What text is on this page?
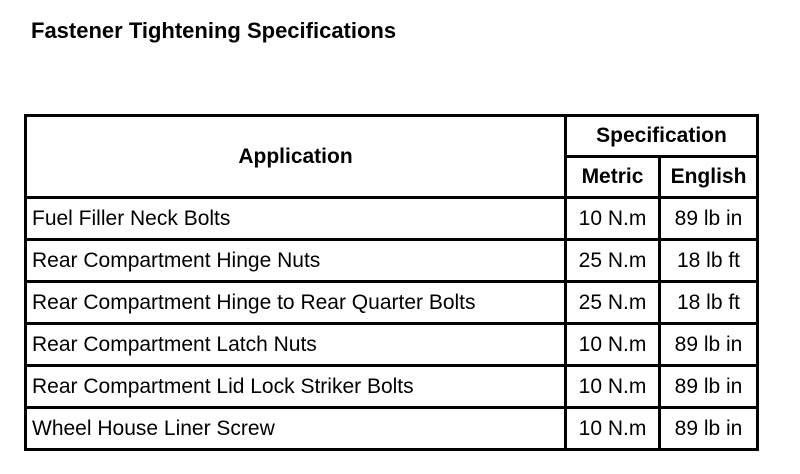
Fastener Tightening Specifications
Application	Specification	
	Metric	English
Fuel Filler Neck Bolts	10 N.m	89 lb in
Rear Compartment Hinge Nuts	25 N.m	18 lb ft
Rear Compartment Hinge to Rear Quarter Bolts	25 N.m	18 lb ft
Rear Compartment Latch Nuts	10 N.m	89 lb in
Rear Compartment Lid Lock Striker Bolts	10 N.m	89 lb in
Wheel House Liner Screw	10 N.m	89 lb in
